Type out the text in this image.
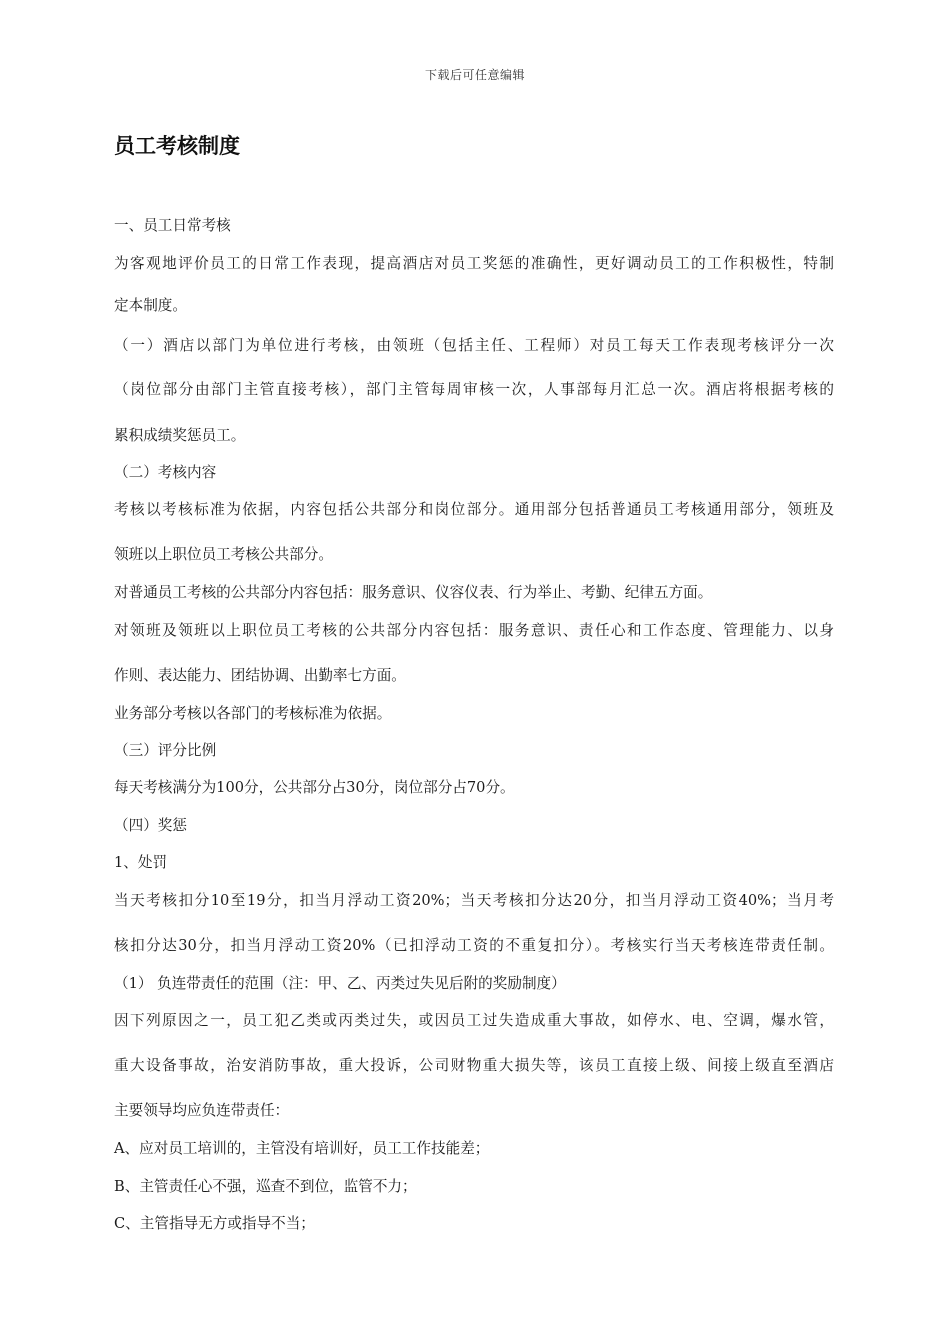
下载后可任意编辑
员工考核制度
一、员工日常考核
为客观地评价员工的日常工作表现，提高酒店对员工奖惩的准确性，更好调动员工的工作积极性，特制
定本制度。
（一）酒店以部门为单位进行考核，由领班（包括主任、工程师）对员工每天工作表现考核评分一次
（岗位部分由部门主管直接考核），部门主管每周审核一次，人事部每月汇总一次。酒店将根据考核的
累积成绩奖惩员工。
（二）考核内容
考核以考核标准为依据，内容包括公共部分和岗位部分。通用部分包括普通员工考核通用部分，领班及
领班以上职位员工考核公共部分。
对普通员工考核的公共部分内容包括：服务意识、仪容仪表、行为举止、考勤、纪律五方面。
对领班及领班以上职位员工考核的公共部分内容包括：服务意识、责任心和工作态度、管理能力、以身
作则、表达能力、团结协调、出勤率七方面。
业务部分考核以各部门的考核标准为依据。
（三）评分比例
每天考核满分为100分，公共部分占30分，岗位部分占70分。
（四）奖惩
1、处罚
当天考核扣分10至19分，扣当月浮动工资20%；当天考核扣分达20分，扣当月浮动工资40%；当月考
核扣分达30分，扣当月浮动工资20%（已扣浮动工资的不重复扣分）。考核实行当天考核连带责任制。
（1） 负连带责任的范围（注：甲、乙、丙类过失见后附的奖励制度）
因下列原因之一，员工犯乙类或丙类过失，或因员工过失造成重大事故，如停水、电、空调，爆水管，
重大设备事故，治安消防事故，重大投诉，公司财物重大损失等，该员工直接上级、间接上级直至酒店
主要领导均应负连带责任：
A、应对员工培训的，主管没有培训好，员工工作技能差；
B、主管责任心不强，巡查不到位，监管不力；
C、主管指导无方或指导不当；
